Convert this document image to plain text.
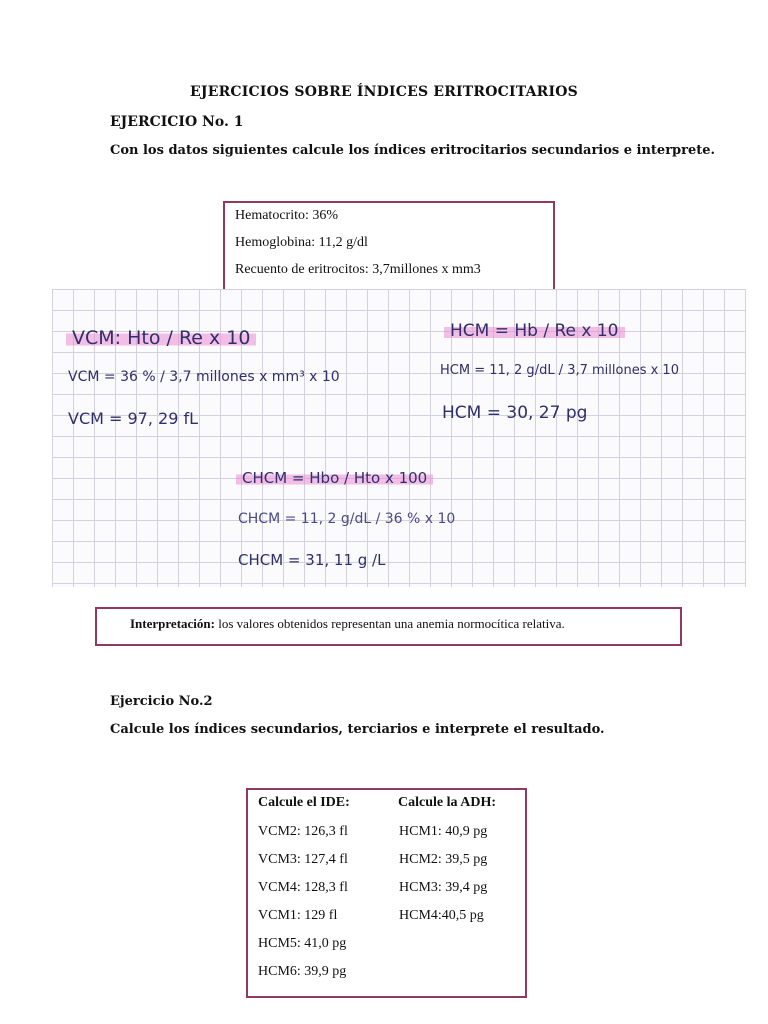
EJERCICIOS SOBRE ÍNDICES ERITROCITARIOS
EJERCICIO No. 1
Con los datos siguientes calcule los índices eritrocitarios secundarios e interprete.
Hematocrito: 36%
Hemoglobina: 11,2 g/dl
Recuento de eritrocitos: 3,7millones x mm3
VCM: Hto / Re x 10
VCM = 36 % / 3,7 millones x mm³ x 10
VCM = 97, 29 fL
HCM = Hb / Re x 10
HCM = 11, 2 g/dL / 3,7 millones x 10
HCM = 30, 27 pg
CHCM = Hbo / Hto x 100
CHCM = 11, 2 g/dL / 36 % x 10
CHCM = 31, 11 g /L
Interpretación: los valores obtenidos representan una anemia normocítica relativa.
Ejercicio No.2
Calcule los índices secundarios, terciarios e interprete el resultado.
Calcule el IDE:	Calcule la ADH:
VCM2: 126,3 fl
VCM3: 127,4 fl
VCM4: 128,3 fl
VCM1: 129 fl
HCM5: 41,0 pg
HCM6: 39,9 pg
HCM1: 40,9 pg
HCM2: 39,5 pg
HCM3: 39,4 pg
HCM4:40,5 pg
